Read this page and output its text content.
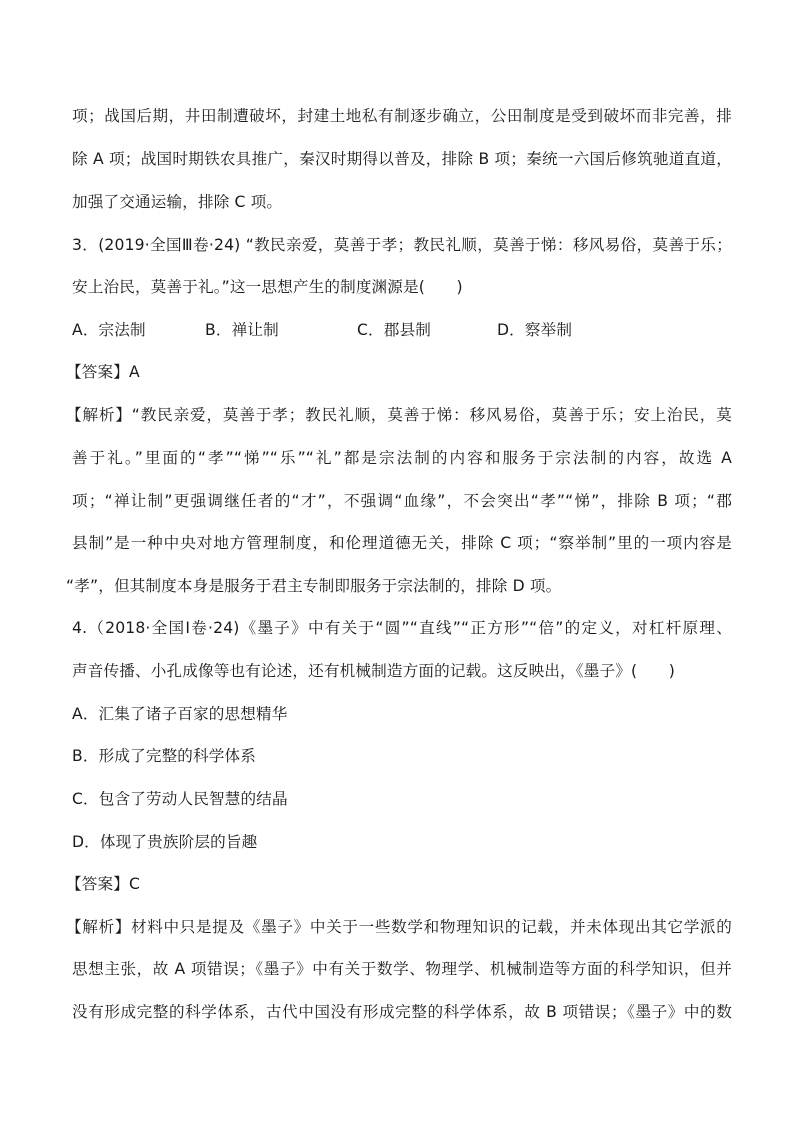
项；战国后期，井田制遭破坏，封建土地私有制逐步确立，公田制度是受到破坏而非完善，排
除 A 项；战国时期铁农具推广，秦汉时期得以普及，排除 B 项；秦统一六国后修筑驰道直道，
加强了交通运输，排除 C 项。
3．(2019·全国Ⅲ卷·24) “教民亲爱，莫善于孝；教民礼顺，莫善于悌：移风易俗，莫善于乐；
安上治民，莫善于礼。”这一思想产生的制度渊源是(　　)
A．宗法制	B．禅让制	C．郡县制	D．察举制
【答案】A
【解析】“教民亲爱，莫善于孝；教民礼顺，莫善于悌：移风易俗，莫善于乐；安上治民，莫
善于礼。”里面的“孝”“悌”“乐”“礼”都是宗法制的内容和服务于宗法制的内容，故选 A
项；“禅让制”更强调继任者的“才”，不强调“血缘”，不会突出“孝”“悌”，排除 B 项；“郡
县制”是一种中央对地方管理制度，和伦理道德无关，排除 C 项；“察举制”里的一项内容是
“孝”，但其制度本身是服务于君主专制即服务于宗法制的，排除 D 项。
4.（2018·全国Ⅰ卷·24)《墨子》中有关于“圆”“直线”“正方形”“倍”的定义，对杠杆原理、
声音传播、小孔成像等也有论述，还有机械制造方面的记载。这反映出，《墨子》(　　)
A．汇集了诸子百家的思想精华
B．形成了完整的科学体系
C．包含了劳动人民智慧的结晶
D．体现了贵族阶层的旨趣
【答案】C
【解析】材料中只是提及《墨子》中关于一些数学和物理知识的记载，并未体现出其它学派的
思想主张，故 A 项错误；《墨子》中有关于数学、物理学、机械制造等方面的科学知识，但并
没有形成完整的科学体系，古代中国没有形成完整的科学体系，故 B 项错误；《墨子》中的数
